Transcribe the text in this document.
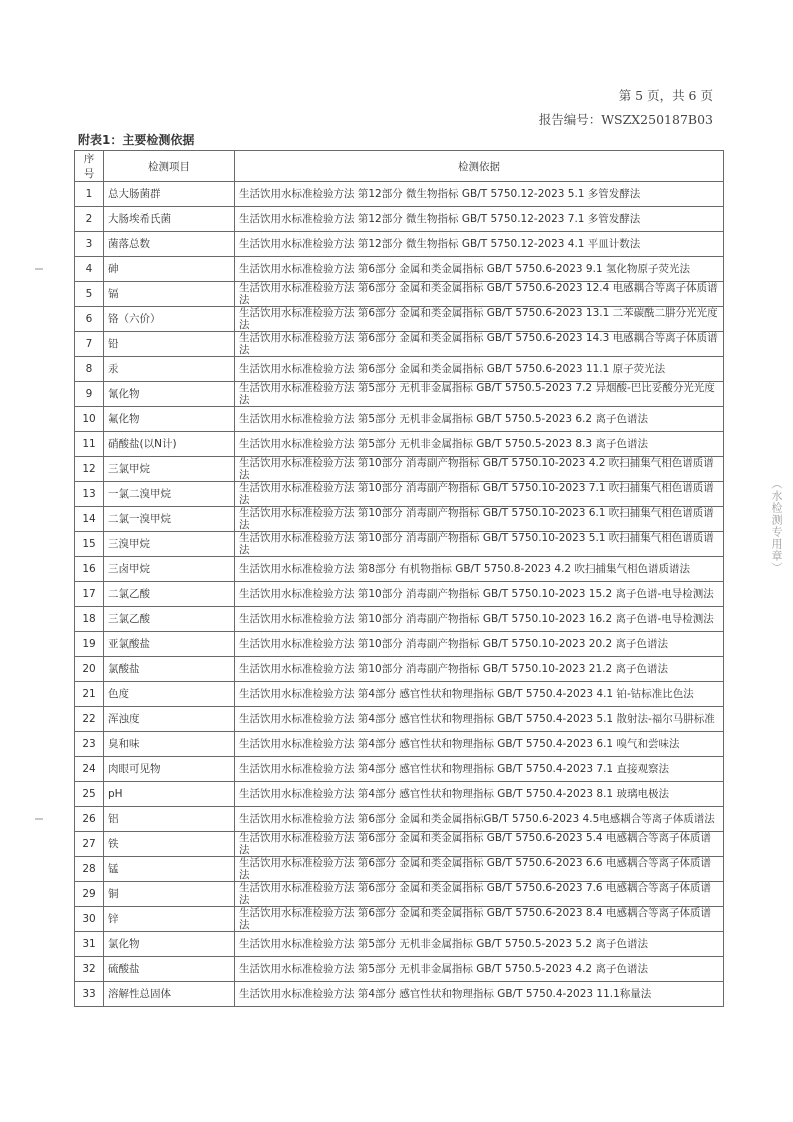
第 5 页，共 6 页
报告编号：WSZX250187B03
附表1：主要检测依据
序号	检测项目	检测依据
1	总大肠菌群	生活饮用水标准检验方法 第12部分 微生物指标 GB/T 5750.12-2023 5.1 多管发酵法
2	大肠埃希氏菌	生活饮用水标准检验方法 第12部分 微生物指标 GB/T 5750.12-2023 7.1 多管发酵法
3	菌落总数	生活饮用水标准检验方法 第12部分 微生物指标 GB/T 5750.12-2023 4.1 平皿计数法
4	砷	生活饮用水标准检验方法 第6部分 金属和类金属指标 GB/T 5750.6-2023 9.1 氢化物原子荧光法
5	镉	生活饮用水标准检验方法 第6部分 金属和类金属指标 GB/T 5750.6-2023 12.4 电感耦合等离子体质谱法
6	铬（六价）	生活饮用水标准检验方法 第6部分 金属和类金属指标 GB/T 5750.6-2023 13.1 二苯碳酰二肼分光光度法
7	铅	生活饮用水标准检验方法 第6部分 金属和类金属指标 GB/T 5750.6-2023 14.3 电感耦合等离子体质谱法
8	汞	生活饮用水标准检验方法 第6部分 金属和类金属指标 GB/T 5750.6-2023 11.1 原子荧光法
9	氰化物	生活饮用水标准检验方法 第5部分 无机非金属指标 GB/T 5750.5-2023 7.2 异烟酸-巴比妥酸分光光度法
10	氟化物	生活饮用水标准检验方法 第5部分 无机非金属指标 GB/T 5750.5-2023 6.2 离子色谱法
11	硝酸盐(以N计)	生活饮用水标准检验方法 第5部分 无机非金属指标 GB/T 5750.5-2023 8.3 离子色谱法
12	三氯甲烷	生活饮用水标准检验方法 第10部分 消毒副产物指标 GB/T 5750.10-2023 4.2 吹扫捕集气相色谱质谱法
13	一氯二溴甲烷	生活饮用水标准检验方法 第10部分 消毒副产物指标 GB/T 5750.10-2023 7.1 吹扫捕集气相色谱质谱法
14	二氯一溴甲烷	生活饮用水标准检验方法 第10部分 消毒副产物指标 GB/T 5750.10-2023 6.1 吹扫捕集气相色谱质谱法
15	三溴甲烷	生活饮用水标准检验方法 第10部分 消毒副产物指标 GB/T 5750.10-2023 5.1 吹扫捕集气相色谱质谱法
16	三卤甲烷	生活饮用水标准检验方法 第8部分 有机物指标 GB/T 5750.8-2023 4.2 吹扫捕集气相色谱质谱法
17	二氯乙酸	生活饮用水标准检验方法 第10部分 消毒副产物指标 GB/T 5750.10-2023 15.2 离子色谱-电导检测法
18	三氯乙酸	生活饮用水标准检验方法 第10部分 消毒副产物指标 GB/T 5750.10-2023 16.2 离子色谱-电导检测法
19	亚氯酸盐	生活饮用水标准检验方法 第10部分 消毒副产物指标 GB/T 5750.10-2023 20.2 离子色谱法
20	氯酸盐	生活饮用水标准检验方法 第10部分 消毒副产物指标 GB/T 5750.10-2023 21.2 离子色谱法
21	色度	生活饮用水标准检验方法 第4部分 感官性状和物理指标 GB/T 5750.4-2023 4.1 铂-钴标准比色法
22	浑浊度	生活饮用水标准检验方法 第4部分 感官性状和物理指标 GB/T 5750.4-2023 5.1 散射法-福尔马肼标准
23	臭和味	生活饮用水标准检验方法 第4部分 感官性状和物理指标 GB/T 5750.4-2023 6.1 嗅气和尝味法
24	肉眼可见物	生活饮用水标准检验方法 第4部分 感官性状和物理指标 GB/T 5750.4-2023 7.1 直接观察法
25	pH	生活饮用水标准检验方法 第4部分 感官性状和物理指标 GB/T 5750.4-2023 8.1 玻璃电极法
26	铝	生活饮用水标准检验方法 第6部分 金属和类金属指标GB/T 5750.6-2023 4.5电感耦合等离子体质谱法
27	铁	生活饮用水标准检验方法 第6部分 金属和类金属指标 GB/T 5750.6-2023 5.4 电感耦合等离子体质谱法
28	锰	生活饮用水标准检验方法 第6部分 金属和类金属指标 GB/T 5750.6-2023 6.6 电感耦合等离子体质谱法
29	铜	生活饮用水标准检验方法 第6部分 金属和类金属指标 GB/T 5750.6-2023 7.6 电感耦合等离子体质谱法
30	锌	生活饮用水标准检验方法 第6部分 金属和类金属指标 GB/T 5750.6-2023 8.4 电感耦合等离子体质谱法
31	氯化物	生活饮用水标准检验方法 第5部分 无机非金属指标 GB/T 5750.5-2023 5.2 离子色谱法
32	硫酸盐	生活饮用水标准检验方法 第5部分 无机非金属指标 GB/T 5750.5-2023 4.2 离子色谱法
33	溶解性总固体	生活饮用水标准检验方法 第4部分 感官性状和物理指标 GB/T 5750.4-2023 11.1称量法
（水检测专用章）
